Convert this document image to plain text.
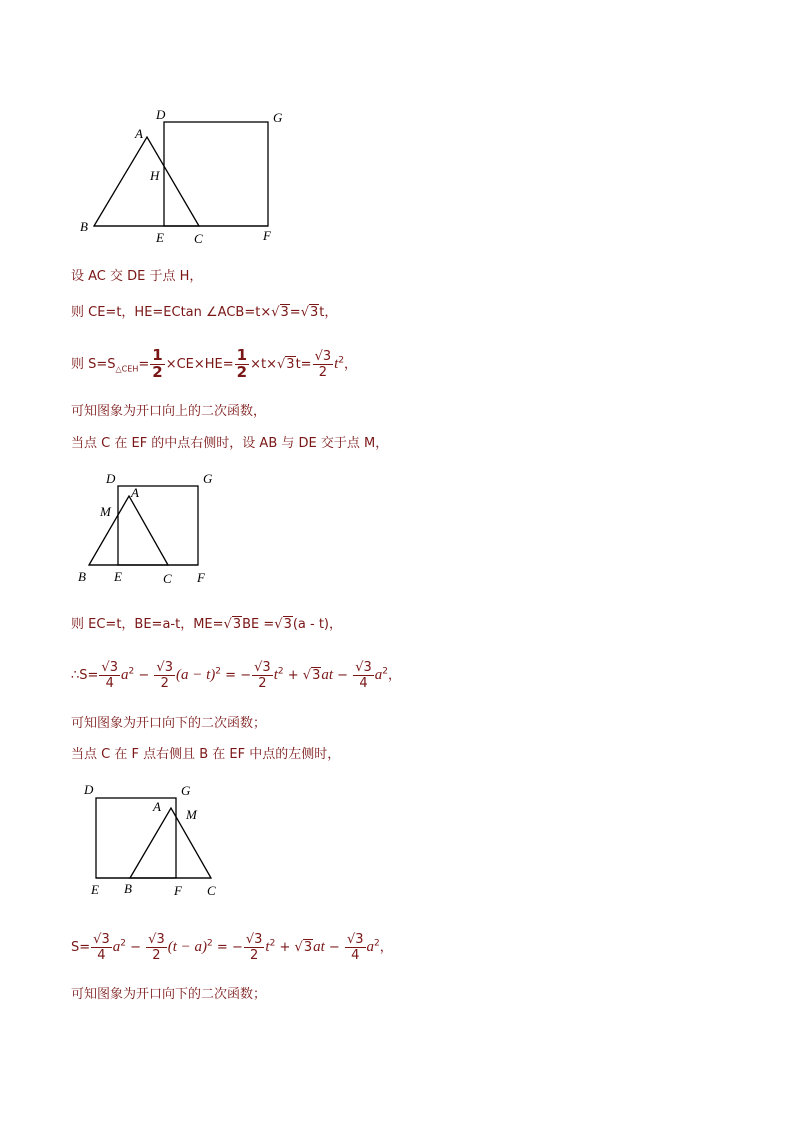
D	G
A
H
B
E C	F
设 AC 交 DE 于点 H，
则 CE=t，HE=ECtan ∠ACB=t×√3=√3t，
则 $S=S_{\triangle CEH}= \frac{1}{2} \times CE\times HE= \frac{1}{2} \times t\times√3t= \frac{√3}{2} t^2$，
可知图象为开口向上的二次函数，
当点 C 在 EF 的中点右侧时，设 AB 与 DE 交于点 M，
D	G
A
M
B E	C F
则 EC=t，BE=a-t，ME=√3BE =√3(a - t)，
∴S= $\frac{√3}{4} a^2 - \frac{√3}{2} (a - t)^2$ = − $\frac{√3}{2} t^2 + √3at - \frac{√3}{4} a^2$，
可知图象为开口向下的二次函数；
当点 C 在 F 点右侧且 B 在 EF 中点的左侧时，
D	G
A
M
E B	F C
$S= \frac{√3}{4} a^2 - \frac{√3}{2} (t - a)^2$ = − $\frac{√3}{2} t^2 + √3at - \frac{√3}{4} a^2$，
可知图象为开口向下的二次函数；
